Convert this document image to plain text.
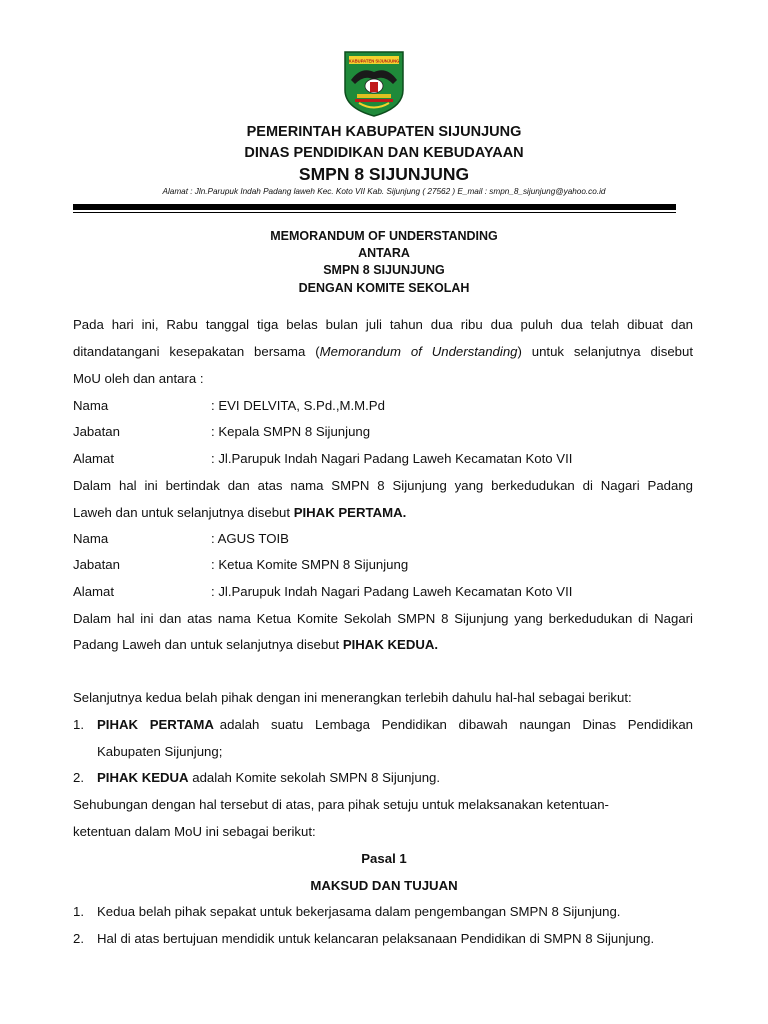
KABUPATEN SIJUNJUNG
PEMERINTAH KABUPATEN SIJUNJUNG
DINAS PENDIDIKAN DAN KEBUDAYAAN
SMPN 8 SIJUNJUNG
Alamat : Jln.Parupuk Indah Padang laweh Kec. Koto VII Kab. Sijunjung ( 27562 ) E_mail : smpn_8_sijunjung@yahoo.co.id
MEMORANDUM OF UNDERSTANDING
ANTARA
SMPN 8 SIJUNJUNG
DENGAN KOMITE SEKOLAH
Pada hari ini, Rabu tanggal tiga belas bulan juli tahun dua ribu dua puluh dua telah dibuat dan
ditandatangani kesepakatan bersama (Memorandum of Understanding) untuk selanjutnya disebut
MoU oleh dan antara :
Nama	: EVI DELVITA, S.Pd.,M.M.Pd
Jabatan	: Kepala SMPN 8 Sijunjung
Alamat	: Jl.Parupuk Indah Nagari Padang Laweh Kecamatan Koto VII
Dalam hal ini bertindak dan atas nama SMPN 8 Sijunjung yang berkedudukan di Nagari Padang
Laweh dan untuk selanjutnya disebut PIHAK PERTAMA.
Nama	: AGUS TOIB
Jabatan	: Ketua Komite SMPN 8 Sijunjung
Alamat	: Jl.Parupuk Indah Nagari Padang Laweh Kecamatan Koto VII
Dalam hal ini dan atas nama Ketua Komite Sekolah SMPN 8 Sijunjung yang berkedudukan di Nagari
Padang Laweh dan untuk selanjutnya disebut PIHAK KEDUA.
Selanjutnya kedua belah pihak dengan ini menerangkan terlebih dahulu hal-hal sebagai berikut:
1. PIHAK  PERTAMA adalah  suatu  Lembaga  Pendidikan  dibawah  naungan  Dinas  Pendidikan
Kabupaten Sijunjung;
2. PIHAK KEDUA adalah Komite sekolah SMPN 8 Sijunjung.
Sehubungan dengan hal tersebut di atas, para pihak setuju untuk melaksanakan ketentuan-
ketentuan dalam MoU ini sebagai berikut:
Pasal 1
MAKSUD DAN TUJUAN
1. Kedua belah pihak sepakat untuk bekerjasama dalam pengembangan SMPN 8 Sijunjung.
2. Hal di atas bertujuan mendidik untuk kelancaran pelaksanaan Pendidikan di SMPN 8 Sijunjung.
